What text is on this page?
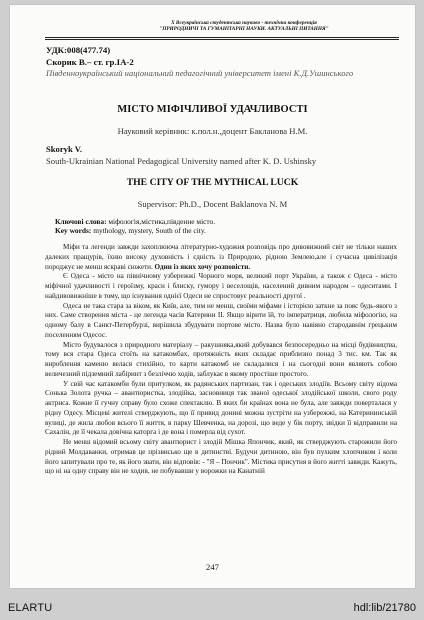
X Всеукраїнська студентська науково - технічна конференція
"ПРИРОДНИЧІ ТА ГУМАНІТАРНІ НАУКИ. АКТУАЛЬНІ ПИТАННЯ"
УДК:008(477.74)
Скорик В.– ст. гр.ІА-2
Південноукраїнський національний педагогічний університет імені К.Д.Ушинського
МІСТО МІФІЧЛИВОЇ УДАЧЛИВОСТІ
Науковий керівник: к.пол.н.,доцент Бакланова Н.М.
Skoryk V.
South-Ukrainian National Pedagogical University named after K. D. Ushinsky
THE CITY OF THE MYTHICAL LUCK
Supervisor: Ph.D., Docent Baklanova N. M
Ключові слова: міфологія,містика,південне місто.
Key words: mythology, mystery, South of the city.

Міфи та легенди завжди захоплююча літературно-художня розповідь про дивовижний світ не тільки наших далеких пращурів, їхню високу духовність і єдність із Природою, рідною Землею,але і сучасна цивілізація породжує не менш яскраві сюжети. Один із яких хочу розповісти.

Є Одеса - місто на північному узбережжі Чорного моря, великий порт України, а також є Одеса - місто міфічної удачливості і героїзму, краси і блиску, гумору і веселощів, населений дивним народом – одеситами. І найдивовижніше в тому, що існування однієї Одеси не спростовує реальності другої .

Одеса не така стара за віком, як Київ, але, тим не менш, своїми міфами і історією заткне за пояс будь-якого з них. Саме створення міста - це легенда часів Катерини II. Якщо вірити їй, то імператриця, любила міфологію, на одному балу в Санкт-Петербурзі, вирішила збудувати портове місто. Назва було навіяно стародавнім грецьким поселенням Одесос.

Місто будувалося з природного матеріалу – ракушняка,який добувався безпосередньо на місці будівництва, тому вся стара Одеса стоїть на катакомбах, протяжність яких складає приблизно понад 3 тис. км. Так як вироблення каменю велася стихійно, то карти катакомб не складалися і на сьогодні вони являють собою величезний підземний лабіринт з безліччю ходів, заблукає в якому простіше простого.

У свій час катакомби були притулком, як радянських партизан, так і одеських злодіїв. Всьому світу відома Сонька Золота ручка – авантюристка, злодійка, засновниця так званої одеської злодійської школи, свого роду актриса. Кожне її гучну справу було схоже спектаклю. В яких би країнах вона не була, але завжди поверталася у рідну Одесу. Місцеві жителі стверджують, що її привид донині можна зустріти на узбережжі, на Катерининській вулиці, де жила любов всього її життя, в парку Шевченка, на дорозі, що веде у бік порту, звідки її відправили на Сахалін, де її чекала довічна каторга і де вона і померла від сухот.

Не менш відомий всьому світу авантюрист і злодій Мішка Япончик, який, як стверджують старожили його рідний Молдаванки, отримав це прізвисько ще в дитинстві. Будучи дитиною, він був пухким хлопчиком і коли його запитували про те, як його звати, він відповів: - "Я – Пончик". Містика присутня в його житті завжди. Кажуть, що ні на одну справу він не ходив, не побувавши у ворожки на Канатній

247
ELARTU	hdl:lib/21780
